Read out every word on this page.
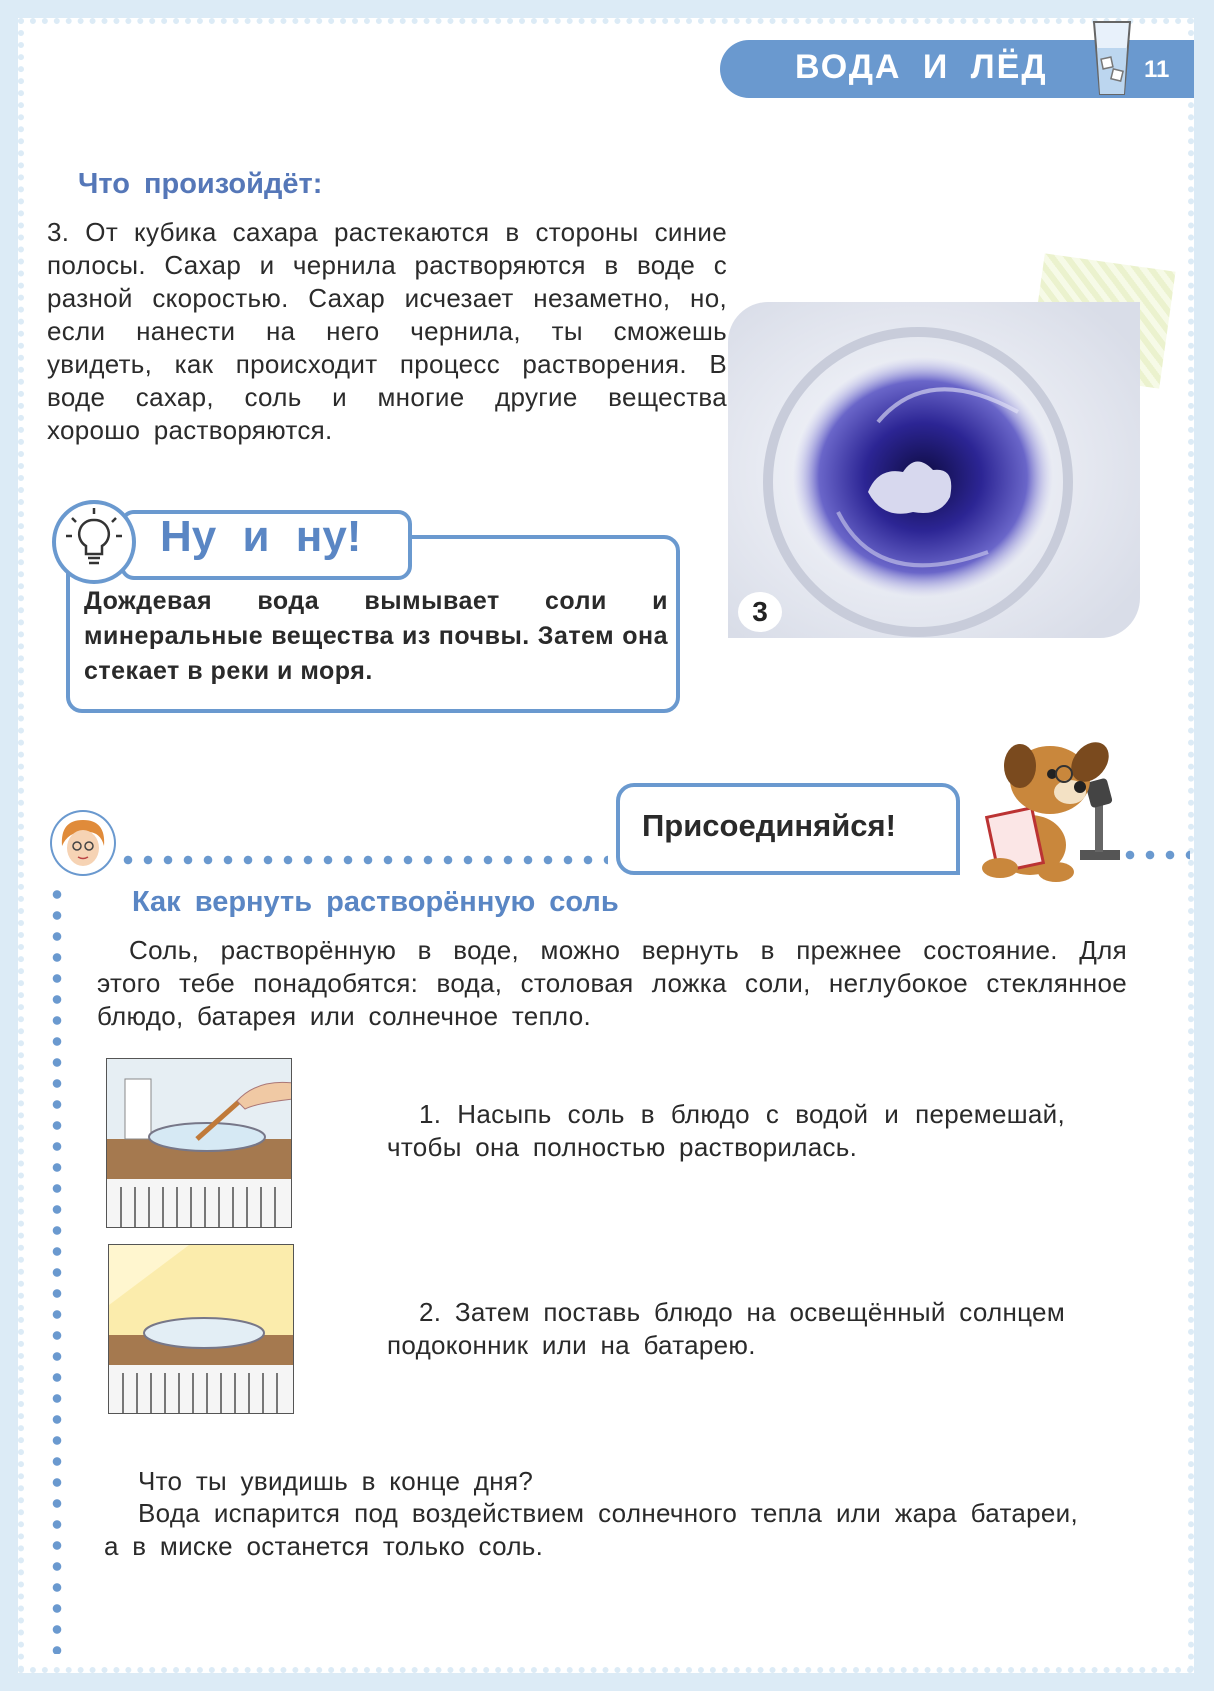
ВОДА И ЛЁД	11
Что произойдёт:
3. От кубика сахара растекаются в стороны синие полосы. Сахар и чернила растворяются в воде с разной скоростью. Сахар исчезает незаметно, но, если нанести на него чернила, ты сможешь увидеть, как происходит процесс растворения. В воде сахар, соль и многие другие вещества хорошо растворяются.
3
Ну и ну!
Дождевая вода вымывает соли и минеральные вещества из почвы. Затем она стекает в реки и моря.
Присоединяйся!
Как вернуть растворённую соль
Соль, растворённую в воде, можно вернуть в прежнее состояние. Для этого тебе понадобятся: вода, столовая ложка соли, неглубокое стеклянное блюдо, батарея или солнечное тепло.
1. Насыпь соль в блюдо с водой и перемешай, чтобы она полностью растворилась.
2. Затем поставь блюдо на освещённый солнцем подоконник или на батарею.
Что ты увидишь в конце дня?
Вода испарится под воздействием солнечного тепла или жара батареи, а в миске останется только соль.
